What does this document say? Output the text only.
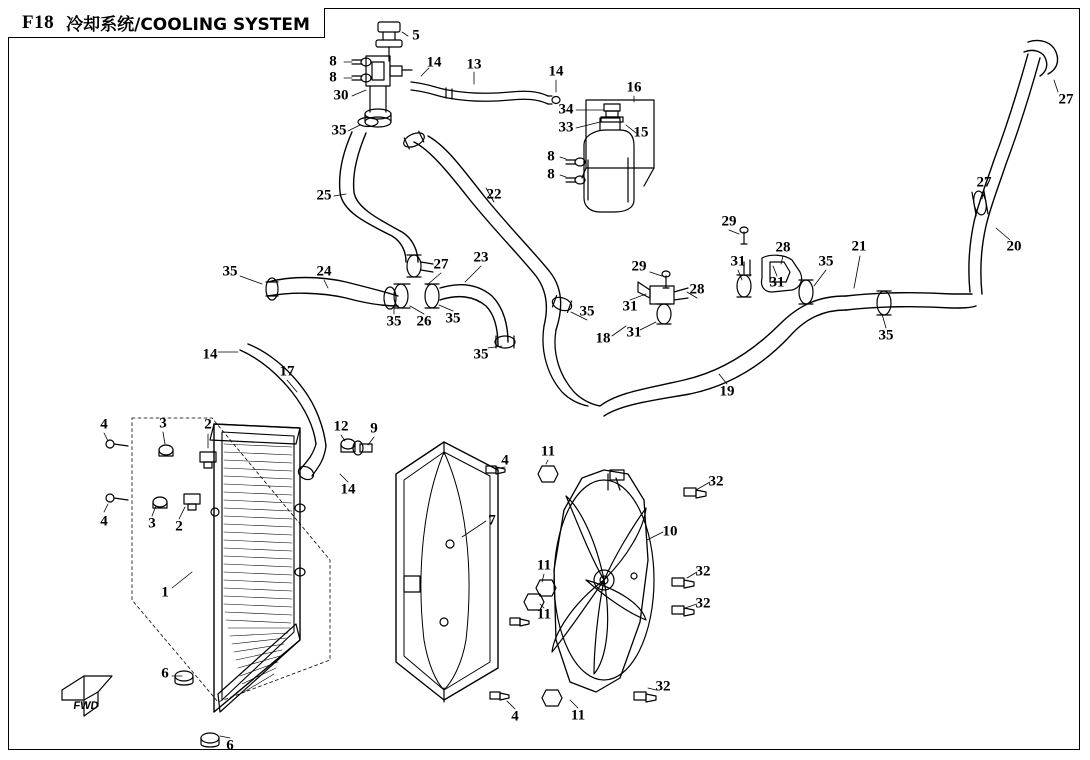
F18 冷却系统/COOLING SYSTEM
FWD
5
8
8
14 13	14
16
30
34
33	15
35
8
8
25	22
27
27
29
20
21
28
35
31
31
29
23
27
35	24
28
31
31
35 26 35	35
18
19
35
35
14
17
4	3	2	12 9
11
4
32
4	3 2
14
7
10
11	32
1
11
32
6
32
4	11
6
